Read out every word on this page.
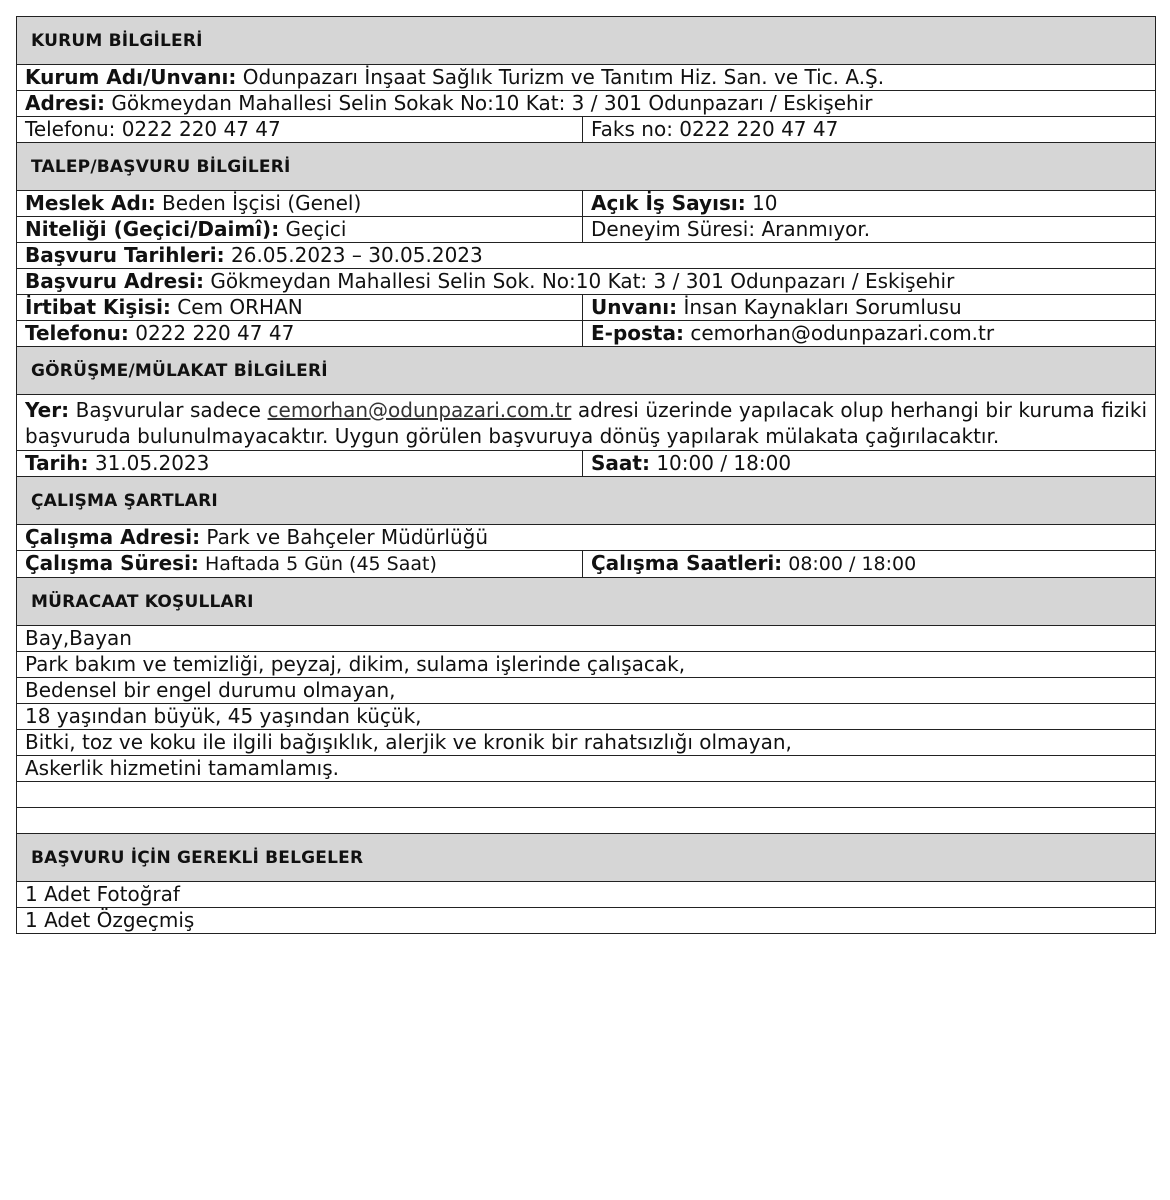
KURUM BİLGİLERİ
Kurum Adı/Unvanı: Odunpazarı İnşaat Sağlık Turizm ve Tanıtım Hiz. San. ve Tic. A.Ş.
Adresi: Gökmeydan Mahallesi Selin Sokak No:10 Kat: 3 / 301 Odunpazarı / Eskişehir
Telefonu: 0222 220 47 47	Faks no: 0222 220 47 47
TALEP/BAŞVURU BİLGİLERİ
Meslek Adı: Beden İşçisi (Genel)	Açık İş Sayısı: 10
Niteliği (Geçici/Daimî): Geçici	Deneyim Süresi: Aranmıyor.
Başvuru Tarihleri: 26.05.2023 – 30.05.2023
Başvuru Adresi: Gökmeydan Mahallesi Selin Sok. No:10 Kat: 3 / 301 Odunpazarı / Eskişehir
İrtibat Kişisi: Cem ORHAN	Unvanı: İnsan Kaynakları Sorumlusu
Telefonu: 0222 220 47 47	E-posta: cemorhan@odunpazari.com.tr
GÖRÜŞME/MÜLAKAT BİLGİLERİ
Yer: Başvurular sadece cemorhan@odunpazari.com.tr adresi üzerinde yapılacak olup herhangi bir kuruma fiziki başvuruda bulunulmayacaktır. Uygun görülen başvuruya dönüş yapılarak mülakata çağırılacaktır.
Tarih: 31.05.2023	Saat: 10:00 / 18:00
ÇALIŞMA ŞARTLARI
Çalışma Adresi: Park ve Bahçeler Müdürlüğü
Çalışma Süresi: Haftada 5 Gün (45 Saat)	Çalışma Saatleri: 08:00 / 18:00
MÜRACAAT KOŞULLARI
Bay,Bayan
Park bakım ve temizliği, peyzaj, dikim, sulama işlerinde çalışacak,
Bedensel bir engel durumu olmayan,
18 yaşından büyük, 45 yaşından küçük,
Bitki, toz ve koku ile ilgili bağışıklık, alerjik ve kronik bir rahatsızlığı olmayan,
Askerlik hizmetini tamamlamış.
BAŞVURU İÇİN GEREKLİ BELGELER
1 Adet Fotoğraf
1 Adet Özgeçmiş
